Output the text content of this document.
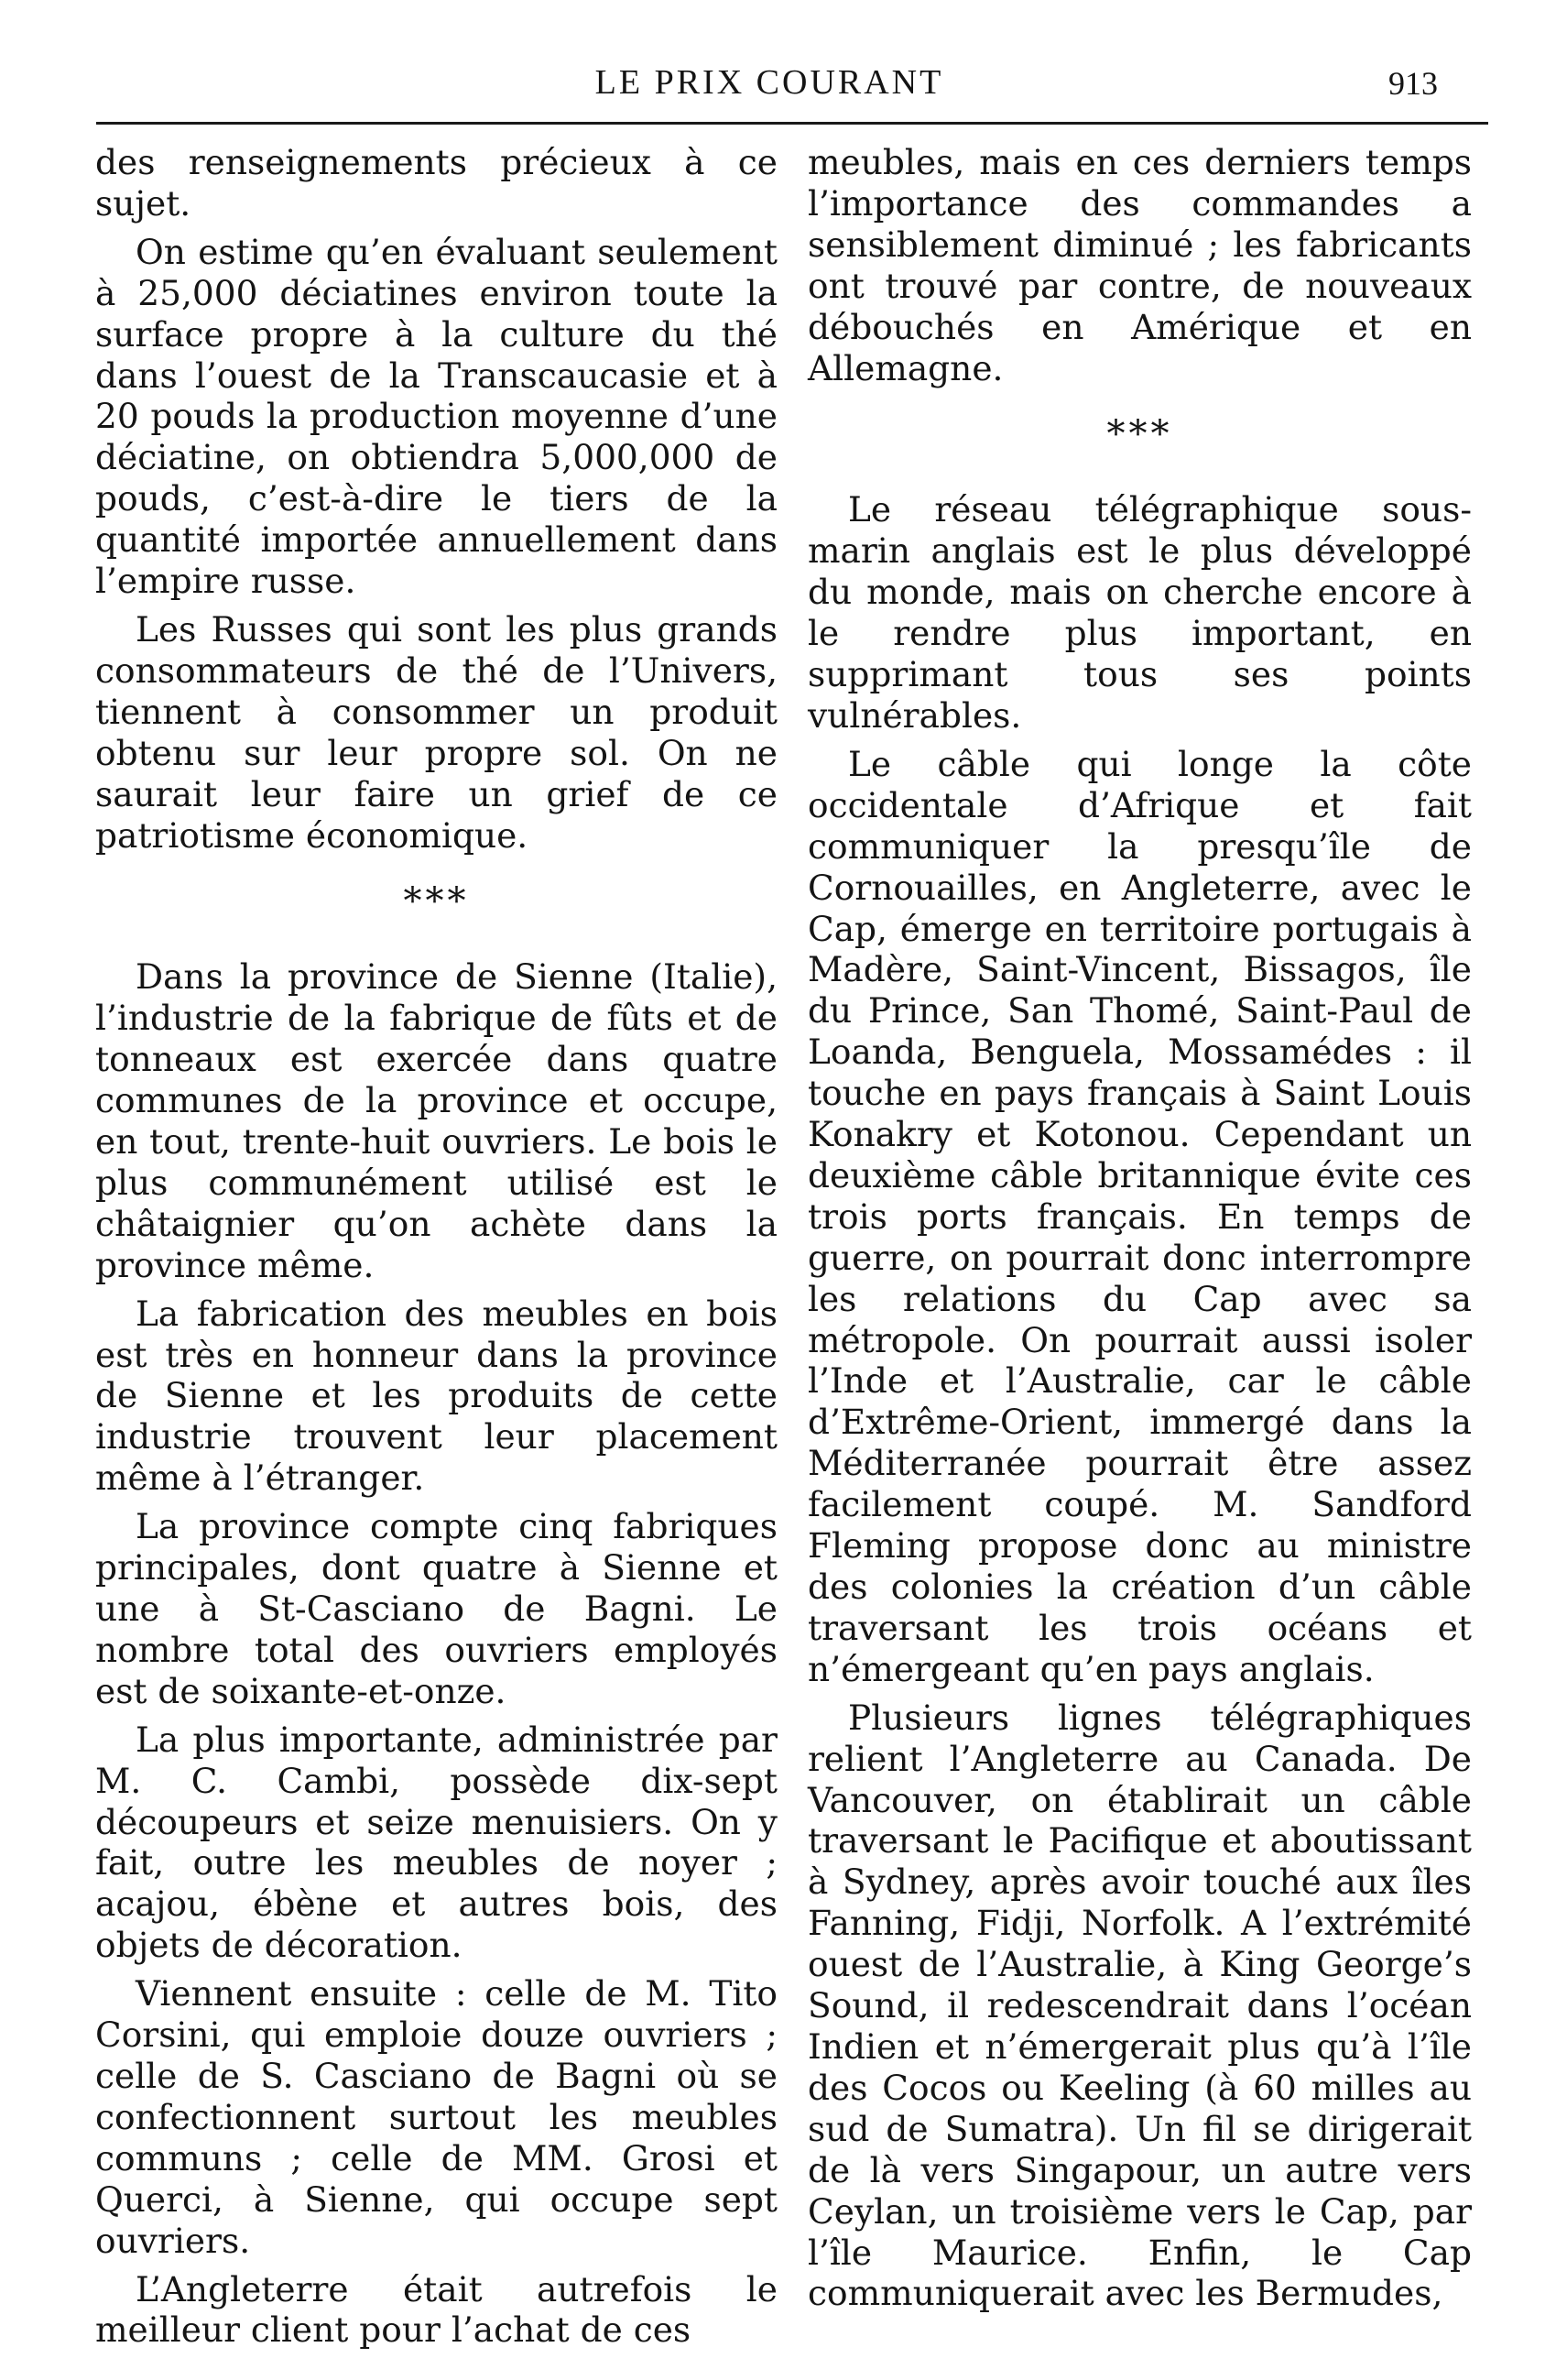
LE PRIX COURANT	913

des renseignements précieux à ce sujet.

On estime qu’en évaluant seulement à 25,000 déciatines environ toute la surface propre à la culture du thé dans l’ouest de la Transcaucasie et à 20 pouds la production moyenne d’une déciatine, on obtiendra 5,000,000 de pouds, c’est-à-dire le tiers de la quantité importée annuellement dans l’empire russe.

Les Russes qui sont les plus grands consommateurs de thé de l’Univers, tiennent à consommer un produit obtenu sur leur propre sol. On ne saurait leur faire un grief de ce patriotisme économique.

***

Dans la province de Sienne (Italie), l’industrie de la fabrique de fûts et de tonneaux est exercée dans quatre communes de la province et occupe, en tout, trente-huit ouvriers. Le bois le plus communément utilisé est le châtaignier qu’on achète dans la province même.

La fabrication des meubles en bois est très en honneur dans la province de Sienne et les produits de cette industrie trouvent leur placement même à l’étranger.

La province compte cinq fabriques principales, dont quatre à Sienne et une à St-Casciano de Bagni. Le nombre total des ouvriers employés est de soixante-et-onze.

La plus importante, administrée par M. C. Cambi, possède dix-sept découpeurs et seize menuisiers. On y fait, outre les meubles de noyer ; acajou, ébène et autres bois, des objets de décoration.

Viennent ensuite : celle de M. Tito Corsini, qui emploie douze ouvriers ; celle de S. Casciano de Bagni où se confectionnent surtout les meubles communs ; celle de MM. Grosi et Querci, à Sienne, qui occupe sept ouvriers.

L’Angleterre était autrefois le meilleur client pour l’achat de ces

meubles, mais en ces derniers temps l’importance des commandes a sensiblement diminué ; les fabricants ont trouvé par contre, de nouveaux débouchés en Amérique et en Allemagne.

***

Le réseau télégraphique sous-marin anglais est le plus développé du monde, mais on cherche encore à le rendre plus important, en supprimant tous ses points vulnérables.

Le câble qui longe la côte occidentale d’Afrique et fait communiquer la presqu’île de Cornouailles, en Angleterre, avec le Cap, émerge en territoire portugais à Madère, Saint-Vincent, Bissagos, île du Prince, San Thomé, Saint-Paul de Loanda, Benguela, Mossamédes : il touche en pays français à Saint Louis Konakry et Kotonou. Cependant un deuxième câble britannique évite ces trois ports français. En temps de guerre, on pourrait donc interrompre les relations du Cap avec sa métropole. On pourrait aussi isoler l’Inde et l’Australie, car le câble d’Extrême-Orient, immergé dans la Méditerranée pourrait être assez facilement coupé. M. Sandford Fleming propose donc au ministre des colonies la création d’un câble traversant les trois océans et n’émergeant qu’en pays anglais.

Plusieurs lignes télégraphiques relient l’Angleterre au Canada. De Vancouver, on établirait un câble traversant le Pacifique et aboutissant à Sydney, après avoir touché aux îles Fanning, Fidji, Norfolk. A l’extrémité ouest de l’Australie, à King George’s Sound, il redescendrait dans l’océan Indien et n’émergerait plus qu’à l’île des Cocos ou Keeling (à 60 milles au sud de Sumatra). Un fil se dirigerait de là vers Singapour, un autre vers Ceylan, un troisième vers le Cap, par l’île Maurice. Enfin, le Cap communiquerait avec les Bermudes,
